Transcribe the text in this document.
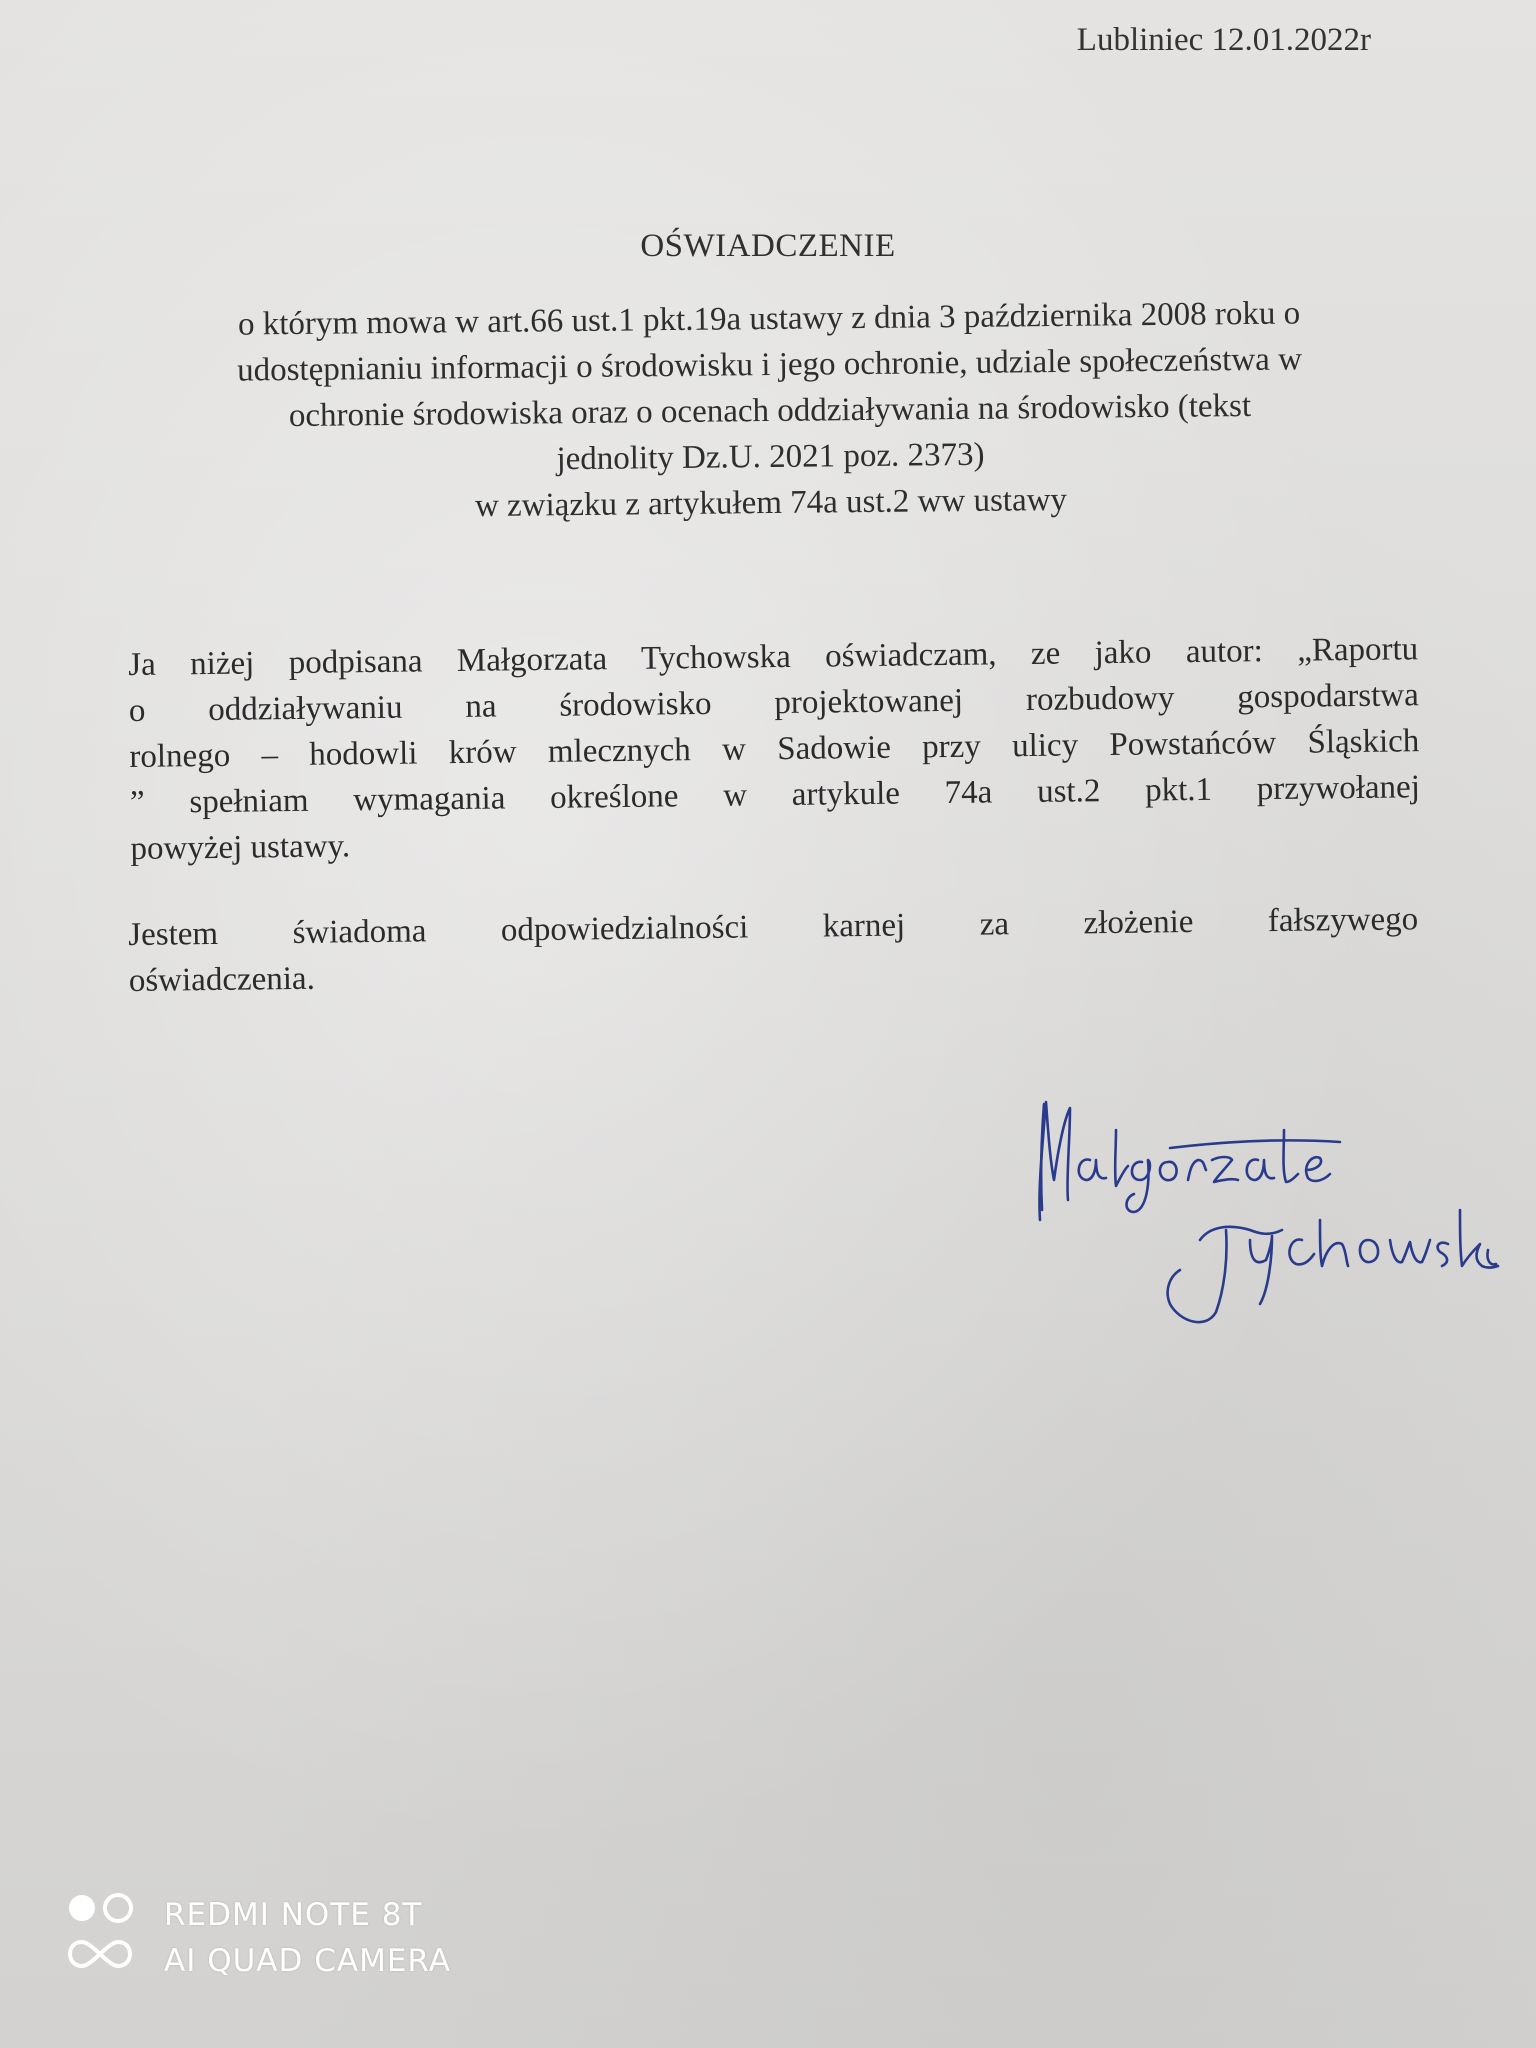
Lubliniec 12.01.2022r
OŚWIADCZENIE
o którym mowa w art.66 ust.1 pkt.19a ustawy z dnia 3 października 2008 roku o
udostępnianiu informacji o środowisku i jego ochronie, udziale społeczeństwa w
ochronie środowiska oraz o ocenach oddziaływania na środowisko (tekst
jednolity Dz.U. 2021 poz. 2373)
w związku z artykułem 74a ust.2 ww ustawy
Ja niżej podpisana Małgorzata Tychowska oświadczam, ze jako autor: „Raportu
o oddziaływaniu na środowisko projektowanej rozbudowy gospodarstwa
rolnego – hodowli krów mlecznych w Sadowie przy ulicy Powstańców Śląskich
” spełniam wymagania określone w artykule 74a ust.2 pkt.1 przywołanej
powyżej ustawy.
Jestem świadoma odpowiedzialności karnej za złożenie fałszywego
oświadczenia.
REDMI NOTE 8T
AI QUAD CAMERA
